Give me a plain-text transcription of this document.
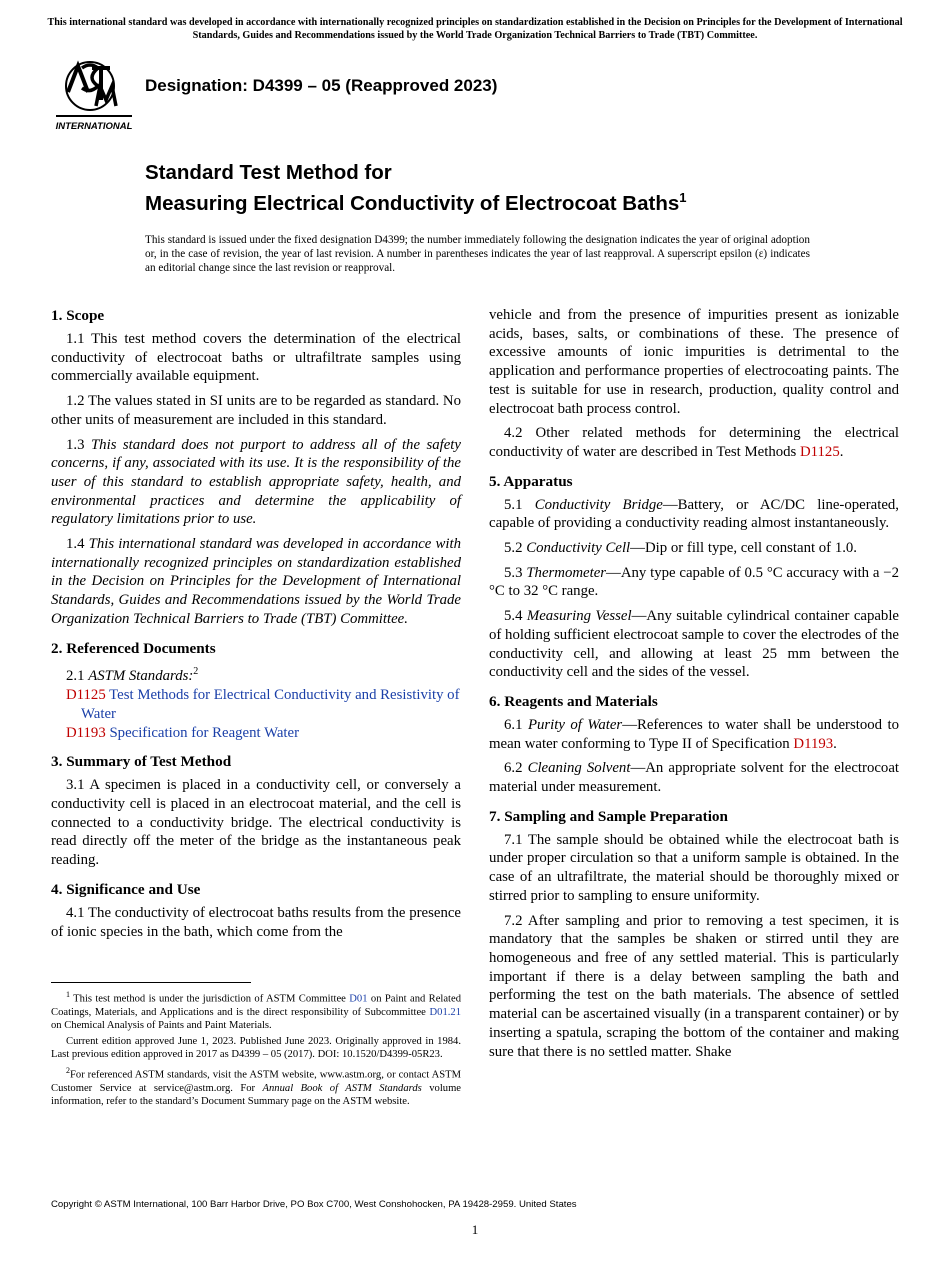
This international standard was developed in accordance with internationally recognized principles on standardization established in the Decision on Principles for the Development of International Standards, Guides and Recommendations issued by the World Trade Organization Technical Barriers to Trade (TBT) Committee.
INTERNATIONAL
Designation: D4399 – 05 (Reapproved 2023)
Standard Test Method for
Measuring Electrical Conductivity of Electrocoat Baths$^1$
This standard is issued under the fixed designation D4399; the number immediately following the designation indicates the year of original adoption or, in the case of revision, the year of last revision. A number in parentheses indicates the year of last reapproval. A superscript epsilon (ε) indicates an editorial change since the last revision or reapproval.
1. Scope

1.1 This test method covers the determination of the electrical conductivity of electrocoat baths or ultrafiltrate samples using commercially available equipment.

1.2 The values stated in SI units are to be regarded as standard. No other units of measurement are included in this standard.

1.3 This standard does not purport to address all of the safety concerns, if any, associated with its use. It is the responsibility of the user of this standard to establish appropriate safety, health, and environmental practices and determine the applicability of regulatory limitations prior to use.

1.4 This international standard was developed in accordance with internationally recognized principles on standardization established in the Decision on Principles for the Development of International Standards, Guides and Recommendations issued by the World Trade Organization Technical Barriers to Trade (TBT) Committee.

2. Referenced Documents

2.1 ASTM Standards:$^2$

D1125 Test Methods for Electrical Conductivity and Resistivity of Water
D1193 Specification for Reagent Water
3. Summary of Test Method

3.1 A specimen is placed in a conductivity cell, or conversely a conductivity cell is placed in an electrocoat material, and the cell is connected to a conductivity bridge. The electrical conductivity is read directly off the meter of the bridge as the instantaneous peak reading.

4. Significance and Use

4.1 The conductivity of electrocoat baths results from the presence of ionic species in the bath, which come from the

$^1$ This test method is under the jurisdiction of ASTM Committee D01 on Paint and Related Coatings, Materials, and Applications and is the direct responsibility of Subcommittee D01.21 on Chemical Analysis of Paints and Paint Materials.

Current edition approved June 1, 2023. Published June 2023. Originally approved in 1984. Last previous edition approved in 2017 as D4399 – 05 (2017). DOI: 10.1520/D4399-05R23.

$^2$For referenced ASTM standards, visit the ASTM website, www.astm.org, or contact ASTM Customer Service at service@astm.org. For Annual Book of ASTM Standards volume information, refer to the standard’s Document Summary page on the ASTM website.

vehicle and from the presence of impurities present as ionizable acids, bases, salts, or combinations of these. The presence of excessive amounts of ionic impurities is detrimental to the application and performance properties of electrocoating paints. The test is suitable for use in research, production, quality control and electrocoat bath process control.

4.2 Other related methods for determining the electrical conductivity of water are described in Test Methods D1125.

5. Apparatus

5.1 Conductivity Bridge—Battery, or AC/DC line-operated, capable of providing a conductivity reading almost instantaneously.

5.2 Conductivity Cell—Dip or fill type, cell constant of 1.0.

5.3 Thermometer—Any type capable of 0.5 °C accuracy with a −2 °C to 32 °C range.

5.4 Measuring Vessel—Any suitable cylindrical container capable of holding sufficient electrocoat sample to cover the electrodes of the conductivity cell, and allowing at least 25 mm between the conductivity cell and the sides of the vessel.

6. Reagents and Materials

6.1 Purity of Water—References to water shall be understood to mean water conforming to Type II of Specification D1193.

6.2 Cleaning Solvent—An appropriate solvent for the electrocoat material under measurement.

7. Sampling and Sample Preparation

7.1 The sample should be obtained while the electrocoat bath is under proper circulation so that a uniform sample is obtained. In the case of an ultrafiltrate, the material should be thoroughly mixed or stirred prior to sampling to ensure uniformity.

7.2 After sampling and prior to removing a test specimen, it is mandatory that the samples be shaken or stirred until they are homogeneous and free of any settled material. This is particularly important if there is a delay between sampling the bath and performing the test on the bath materials. The absence of settled material can be ascertained visually (in a transparent container) or by inserting a spatula, scraping the bottom of the container and making sure that there is no settled matter. Shake

Copyright © ASTM International, 100 Barr Harbor Drive, PO Box C700, West Conshohocken, PA 19428-2959. United States
1
